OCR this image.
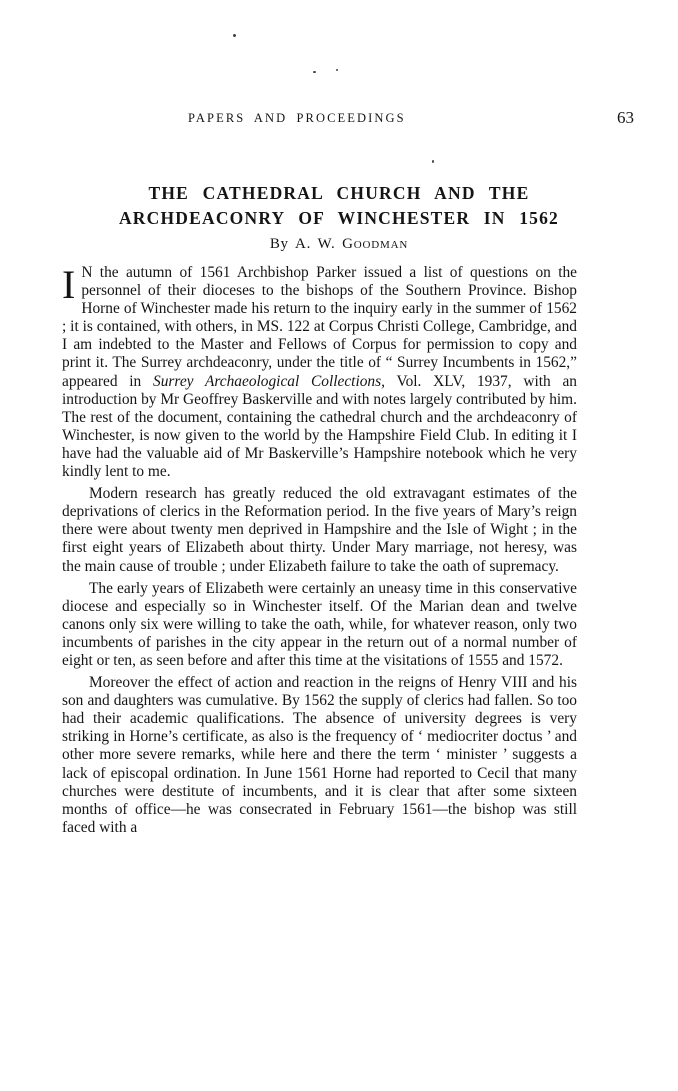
PAPERS AND PROCEEDINGS	63
THE CATHEDRAL CHURCH AND THE
ARCHDEACONRY OF WINCHESTER IN 1562
By A. W. Goodman

I N the autumn of 1561 Archbishop Parker issued a list of questions on the personnel of their dioceses to the bishops of the Southern Province. Bishop Horne of Winchester made his return to the inquiry early in the summer of 1562 ; it is contained, with others, in MS. 122 at Corpus Christi College, Cambridge, and I am indebted to the Master and Fellows of Corpus for permission to copy and print it. The Surrey archdeaconry, under the title of “ Surrey Incumbents in 1562,” appeared in Surrey Archaeological Collections, Vol. XLV, 1937, with an introduction by Mr Geoffrey Baskerville and with notes largely contributed by him. The rest of the document, containing the cathedral church and the archdeaconry of Winchester, is now given to the world by the Hampshire Field Club. In editing it I have had the valuable aid of Mr Baskerville’s Hampshire notebook which he very kindly lent to me.

Modern research has greatly reduced the old extravagant estimates of the deprivations of clerics in the Reformation period. In the five years of Mary’s reign there were about twenty men deprived in Hampshire and the Isle of Wight ; in the first eight years of Elizabeth about thirty. Under Mary marriage, not heresy, was the main cause of trouble ; under Elizabeth failure to take the oath of supremacy.

The early years of Elizabeth were certainly an uneasy time in this conservative diocese and especially so in Winchester itself. Of the Marian dean and twelve canons only six were willing to take the oath, while, for whatever reason, only two incumbents of parishes in the city appear in the return out of a normal number of eight or ten, as seen before and after this time at the visitations of 1555 and 1572.

Moreover the effect of action and reaction in the reigns of Henry VIII and his son and daughters was cumulative. By 1562 the supply of clerics had fallen. So too had their academic qualifications. The absence of university degrees is very striking in Horne’s certificate, as also is the frequency of ‘ mediocriter doctus ’ and other more severe remarks, while here and there the term ‘ minister ’ suggests a lack of episcopal ordination. In June 1561 Horne had reported to Cecil that many churches were destitute of incumbents, and it is clear that after some sixteen months of office—he was consecrated in February 1561—the bishop was still faced with a
